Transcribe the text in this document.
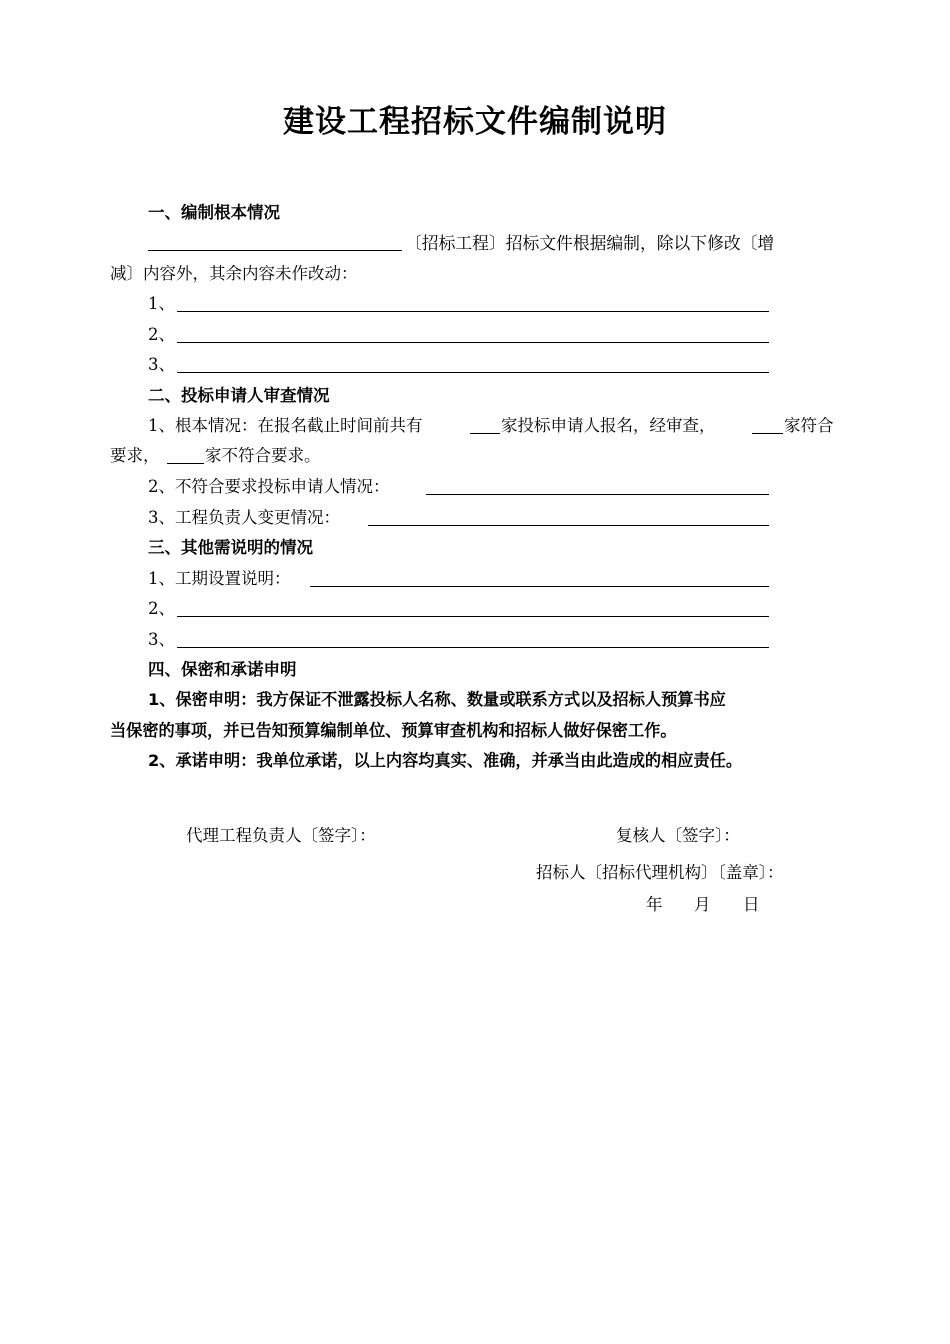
建设工程招标文件编制说明
一、编制根本情况
〔招标工程〕招标文件根据编制，除以下修改〔增
减〕内容外，其余内容未作改动：
1、
2、
3、
二、投标申请人审查情况
1、根本情况：在报名截止时间前共有	家投标申请人报名，经审查，	家符合
要求，	家不符合要求。
2、不符合要求投标申请人情况：
3、工程负责人变更情况：
三、其他需说明的情况
1、工期设置说明：
2、
3、
四、保密和承诺申明
1、保密申明：我方保证不泄露投标人名称、数量或联系方式以及招标人预算书应
当保密的事项，并已告知预算编制单位、预算审查机构和招标人做好保密工作。
2、承诺申明：我单位承诺，以上内容均真实、准确，并承当由此造成的相应责任。
代理工程负责人〔签字〕：	复核人〔签字〕：
招标人〔招标代理机构〕〔盖章〕：
年 月 日
